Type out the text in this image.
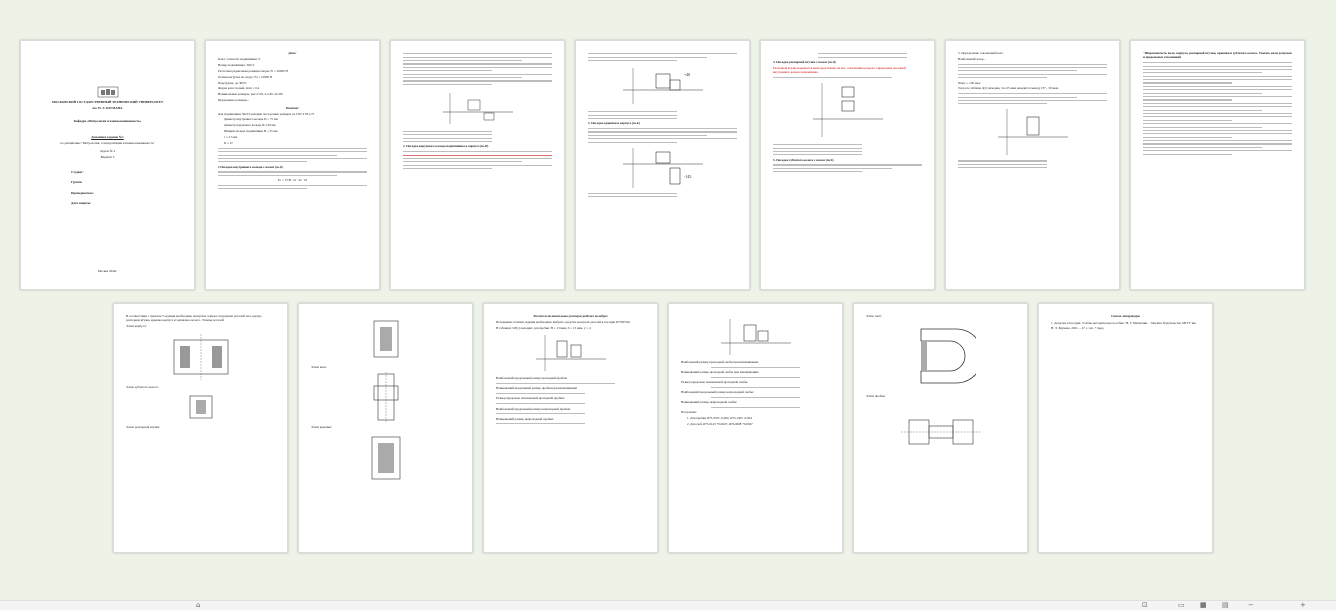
МОСКОВСКИЙ ГОСУДАРСТВЕННЫЙ ТЕХНИЧЕСКИЙ УНИВЕРСИТЕТ

им. Н. Э. БАУМАНА

Кафедра «Метрология и взаимозаменяемость»

Домашнее задание №1

по дисциплине "Метрология, стандартизация и взаимозаменяемость"

Задача № 4

Вариант 5

Студент:

Группа:

Преподаватель:

Дата защиты:

Москва 2024г.

Дано:

Класс точности подшипника: 0

Номер подшипника: 30215

Расчетная радиальная реакция опоры: Fr = 20000 Н

Осевая нагрузка на опору: Fa = 10000 Н

Перегрузка, до 300%

Форма вала: полый, dотв = 0,4

Номинальные размеры, мм: d=45, d1=60, d2=80

Предельные размеры...

Решение:

Для подшипника 30215 находим посадочные размеры по ГОСТ 831-75

Диаметр внутреннего кольца D = 75 мм

Диаметр наружного кольца D=130 мм

Ширина кольца подшипника B = 25 мм

r = 2.5 мм

D = 27

1.Посадка внутреннего кольца с валом (m-d)

Pr = Fr/B · k1 · k2 · k3

2. Посадка наружного кольца подшипника в корпусе (m-D)

+40

2. Посадка крышки в корпусе (m-k)

-145

4. Посадка распорной втулки с валом (m-d)

Распорная втулка надевается непосредственно на вал, отклонения которого определены посадкой внутреннего кольца подшипника.

5. Посадка зубчатого колеса с валом (m-b)

5. Определение отклонений вала:

Наибольший зазор...

Nmax = 190 мкм

Тогда по таблице 4[1] находим, что 25 мкм находится между IT7 - 30 мкм.

"Шероховатость вала, корпуса, распорной втулки, крышки и зубчатого колеса. Указать вали допусков и предельных отклонений

В соответствии с пунктом 5 задания необходимо начертить эскизы следующих деталей: вал, корпус, распорная втулка, крышка корпуса и червячное колесо. Эскизы деталей:

Эскиз корпуса:

Эскиз зубчатого колеса:

Эскиз распорной втулки:

Эскиз вала:

Эскиз крышки:

Расчет исполнительных размеров рабочих калибров

Исходными этапами задания необходимо выбрать средства контроля деталей и посадки Ø75Н7/k6.

В таблицах 3.8[1] находим: для пробки: H = 13 мкм, Z = 15 мкм, y = 4

Наибольший предельный размер проходной пробки:

Наименьший предельный размер пробки при изнашивании:

Размер предельно изношенной проходной пробки:

Наибольший предельный размер непроходной пробки:

Наименьший размер непроходной пробки:

Наибольший размер проходной скобы при изнашивании:

Наименьший размер проходной скобы при изнашивании:

Размер предельно изношенной проходной скобы:

Наибольший предельный размер непроходной скобы:

Наименьший размер непроходной скобы:

Получение:

1. Для пробки Ø75,0705 -0,004; Ø75,1305 -0,004

2. Для скоб Ø75,0143 +0,0047; Ø76,0008 +0,0047

Эскиз скоб:

Эскиз пробки:

Список литературы

1. Допуски и посадки. Учебно-методическое пособие / В. Г. Митюшин. – Москва: Издательство МГТУ им. Н. Э. Баумана, 2021. – 47 с.: ил. + пред.

⌂	⊡	▭ ▦ ▤	−	+
